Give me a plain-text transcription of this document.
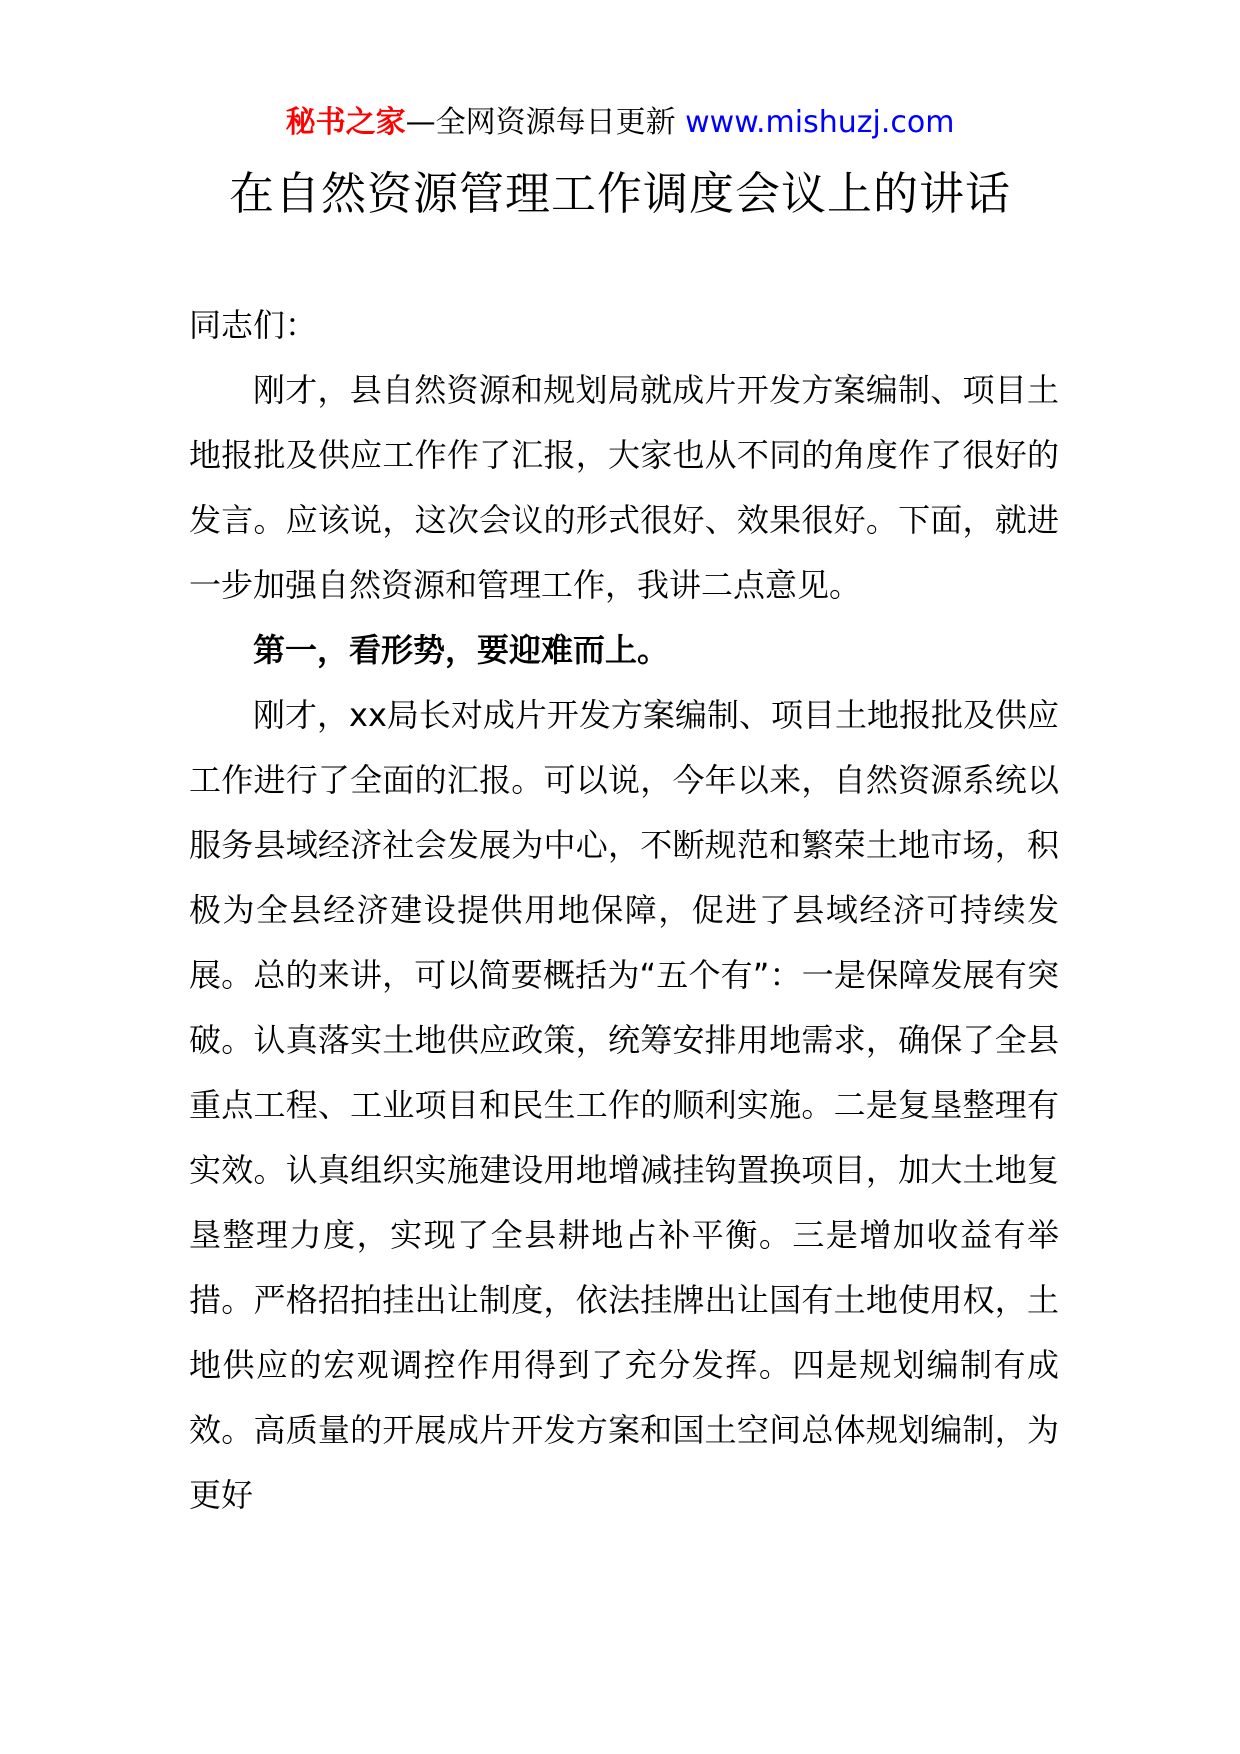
秘书之家—全网资源每日更新 www.mishuzj.com
在自然资源管理工作调度会议上的讲话

同志们：

刚才，县自然资源和规划局就成片开发方案编制、项目土地报批及供应工作作了汇报，大家也从不同的角度作了很好的发言。应该说，这次会议的形式很好、效果很好。下面，就进一步加强自然资源和管理工作，我讲二点意见。

第一，看形势，要迎难而上。

刚才，xx局长对成片开发方案编制、项目土地报批及供应工作进行了全面的汇报。可以说，今年以来，自然资源系统以服务县域经济社会发展为中心，不断规范和繁荣土地市场，积极为全县经济建设提供用地保障，促进了县域经济可持续发展。总的来讲，可以简要概括为“五个有”：一是保障发展有突破。认真落实土地供应政策，统筹安排用地需求，确保了全县重点工程、工业项目和民生工作的顺利实施。二是复垦整理有实效。认真组织实施建设用地增减挂钩置换项目，加大土地复垦整理力度，实现了全县耕地占补平衡。三是增加收益有举措。严格招拍挂出让制度，依法挂牌出让国有土地使用权，土地供应的宏观调控作用得到了充分发挥。四是规划编制有成效。高质量的开展成片开发方案和国土空间总体规划编制，为更好
